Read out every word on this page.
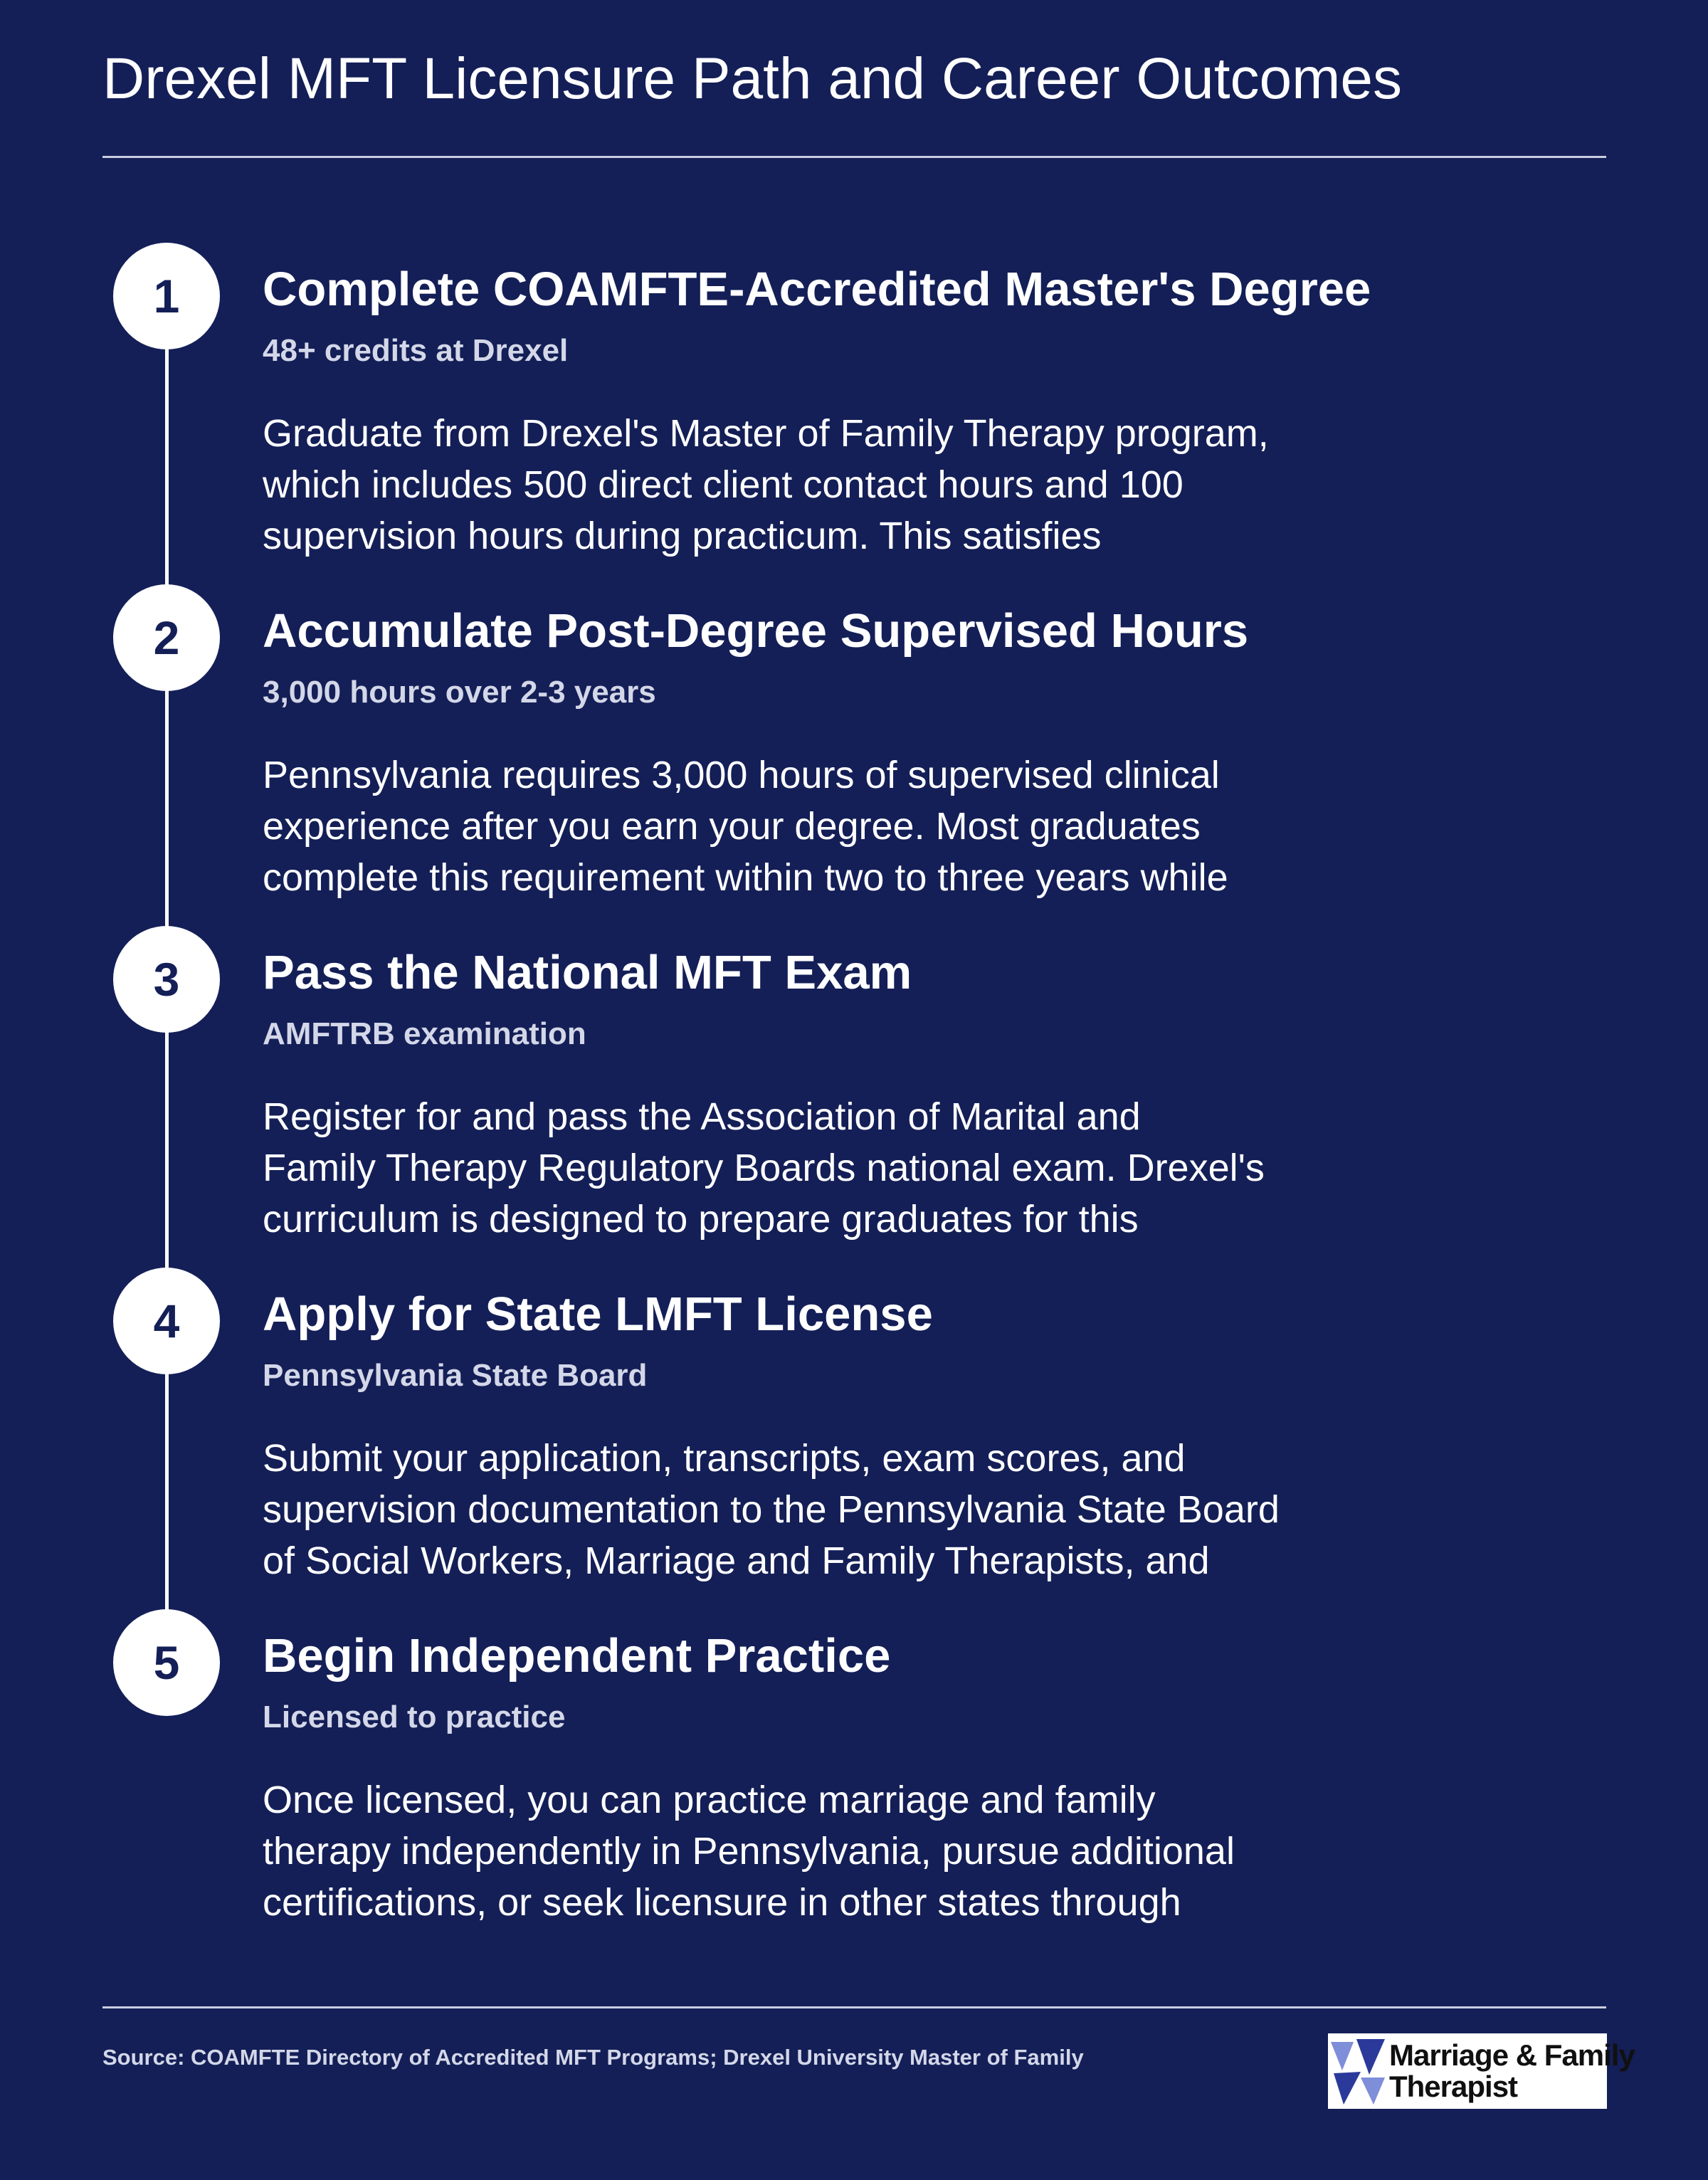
Drexel MFT Licensure Path and Career Outcomes
1	Complete COAMFTE-Accredited Master's Degree
48+ credits at Drexel
Graduate from Drexel's Master of Family Therapy program,
which includes 500 direct client contact hours and 100
supervision hours during practicum. This satisfies
2	Accumulate Post-Degree Supervised Hours
3,000 hours over 2-3 years
Pennsylvania requires 3,000 hours of supervised clinical
experience after you earn your degree. Most graduates
complete this requirement within two to three years while
3	Pass the National MFT Exam
AMFTRB examination
Register for and pass the Association of Marital and
Family Therapy Regulatory Boards national exam. Drexel's
curriculum is designed to prepare graduates for this
4	Apply for State LMFT License
Pennsylvania State Board
Submit your application, transcripts, exam scores, and
supervision documentation to the Pennsylvania State Board
of Social Workers, Marriage and Family Therapists, and
5	Begin Independent Practice
Licensed to practice
Once licensed, you can practice marriage and family
therapy independently in Pennsylvania, pursue additional
certifications, or seek licensure in other states through
Source: COAMFTE Directory of Accredited MFT Programs; Drexel University Master of Family	Marriage & Family
Therapist
